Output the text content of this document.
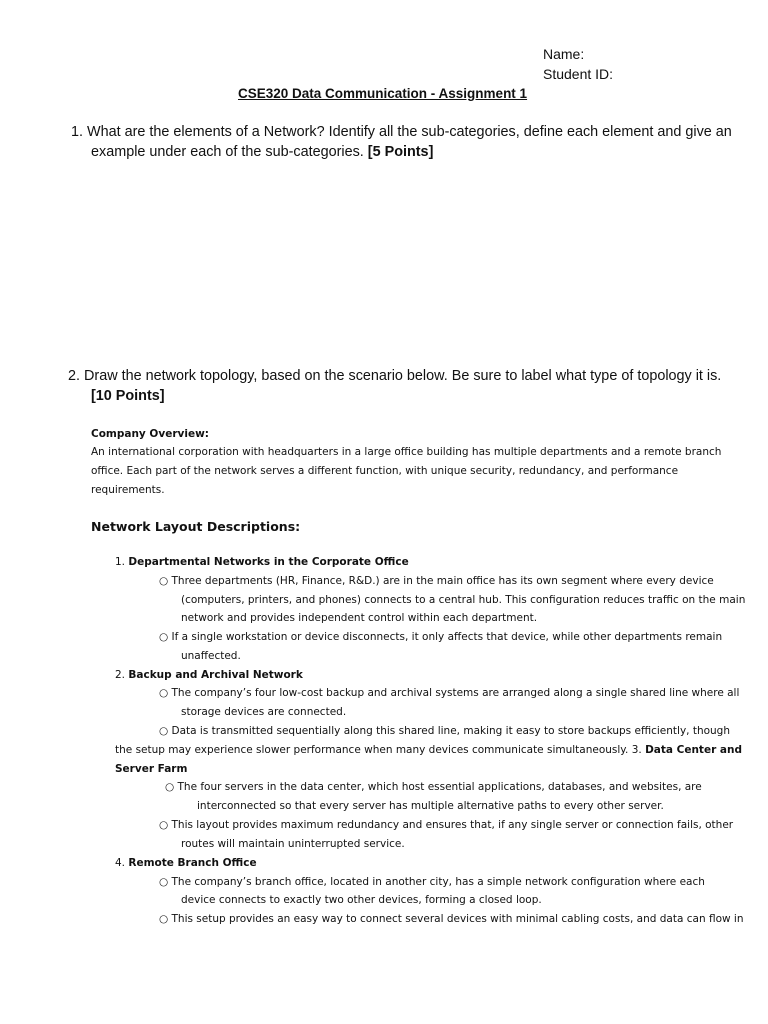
Name:
Student ID:
CSE320 Data Communication - Assignment 1
1. What are the elements of a Network? Identify all the sub-categories, define each element and give an
example under each of the sub-categories. [5 Points]
2. Draw the network topology, based on the scenario below. Be sure to label what type of topology it is.
[10 Points]
Company Overview:
An international corporation with headquarters in a large office building has multiple departments and a remote branch
office. Each part of the network serves a different function, with unique security, redundancy, and performance
requirements.
Network Layout Descriptions:
1. Departmental Networks in the Corporate Office
○ Three departments (HR, Finance, R&D.) are in the main office has its own segment where every device
(computers, printers, and phones) connects to a central hub. This configuration reduces traffic on the main
network and provides independent control within each department.
○ If a single workstation or device disconnects, it only affects that device, while other departments remain
unaffected.
2. Backup and Archival Network
○ The company’s four low-cost backup and archival systems are arranged along a single shared line where all
storage devices are connected.
○ Data is transmitted sequentially along this shared line, making it easy to store backups efficiently, though
the setup may experience slower performance when many devices communicate simultaneously. 3. Data Center and
Server Farm
○ The four servers in the data center, which host essential applications, databases, and websites, are
interconnected so that every server has multiple alternative paths to every other server.
○ This layout provides maximum redundancy and ensures that, if any single server or connection fails, other
routes will maintain uninterrupted service.
4. Remote Branch Office
○ The company’s branch office, located in another city, has a simple network configuration where each
device connects to exactly two other devices, forming a closed loop.
○ This setup provides an easy way to connect several devices with minimal cabling costs, and data can flow in
